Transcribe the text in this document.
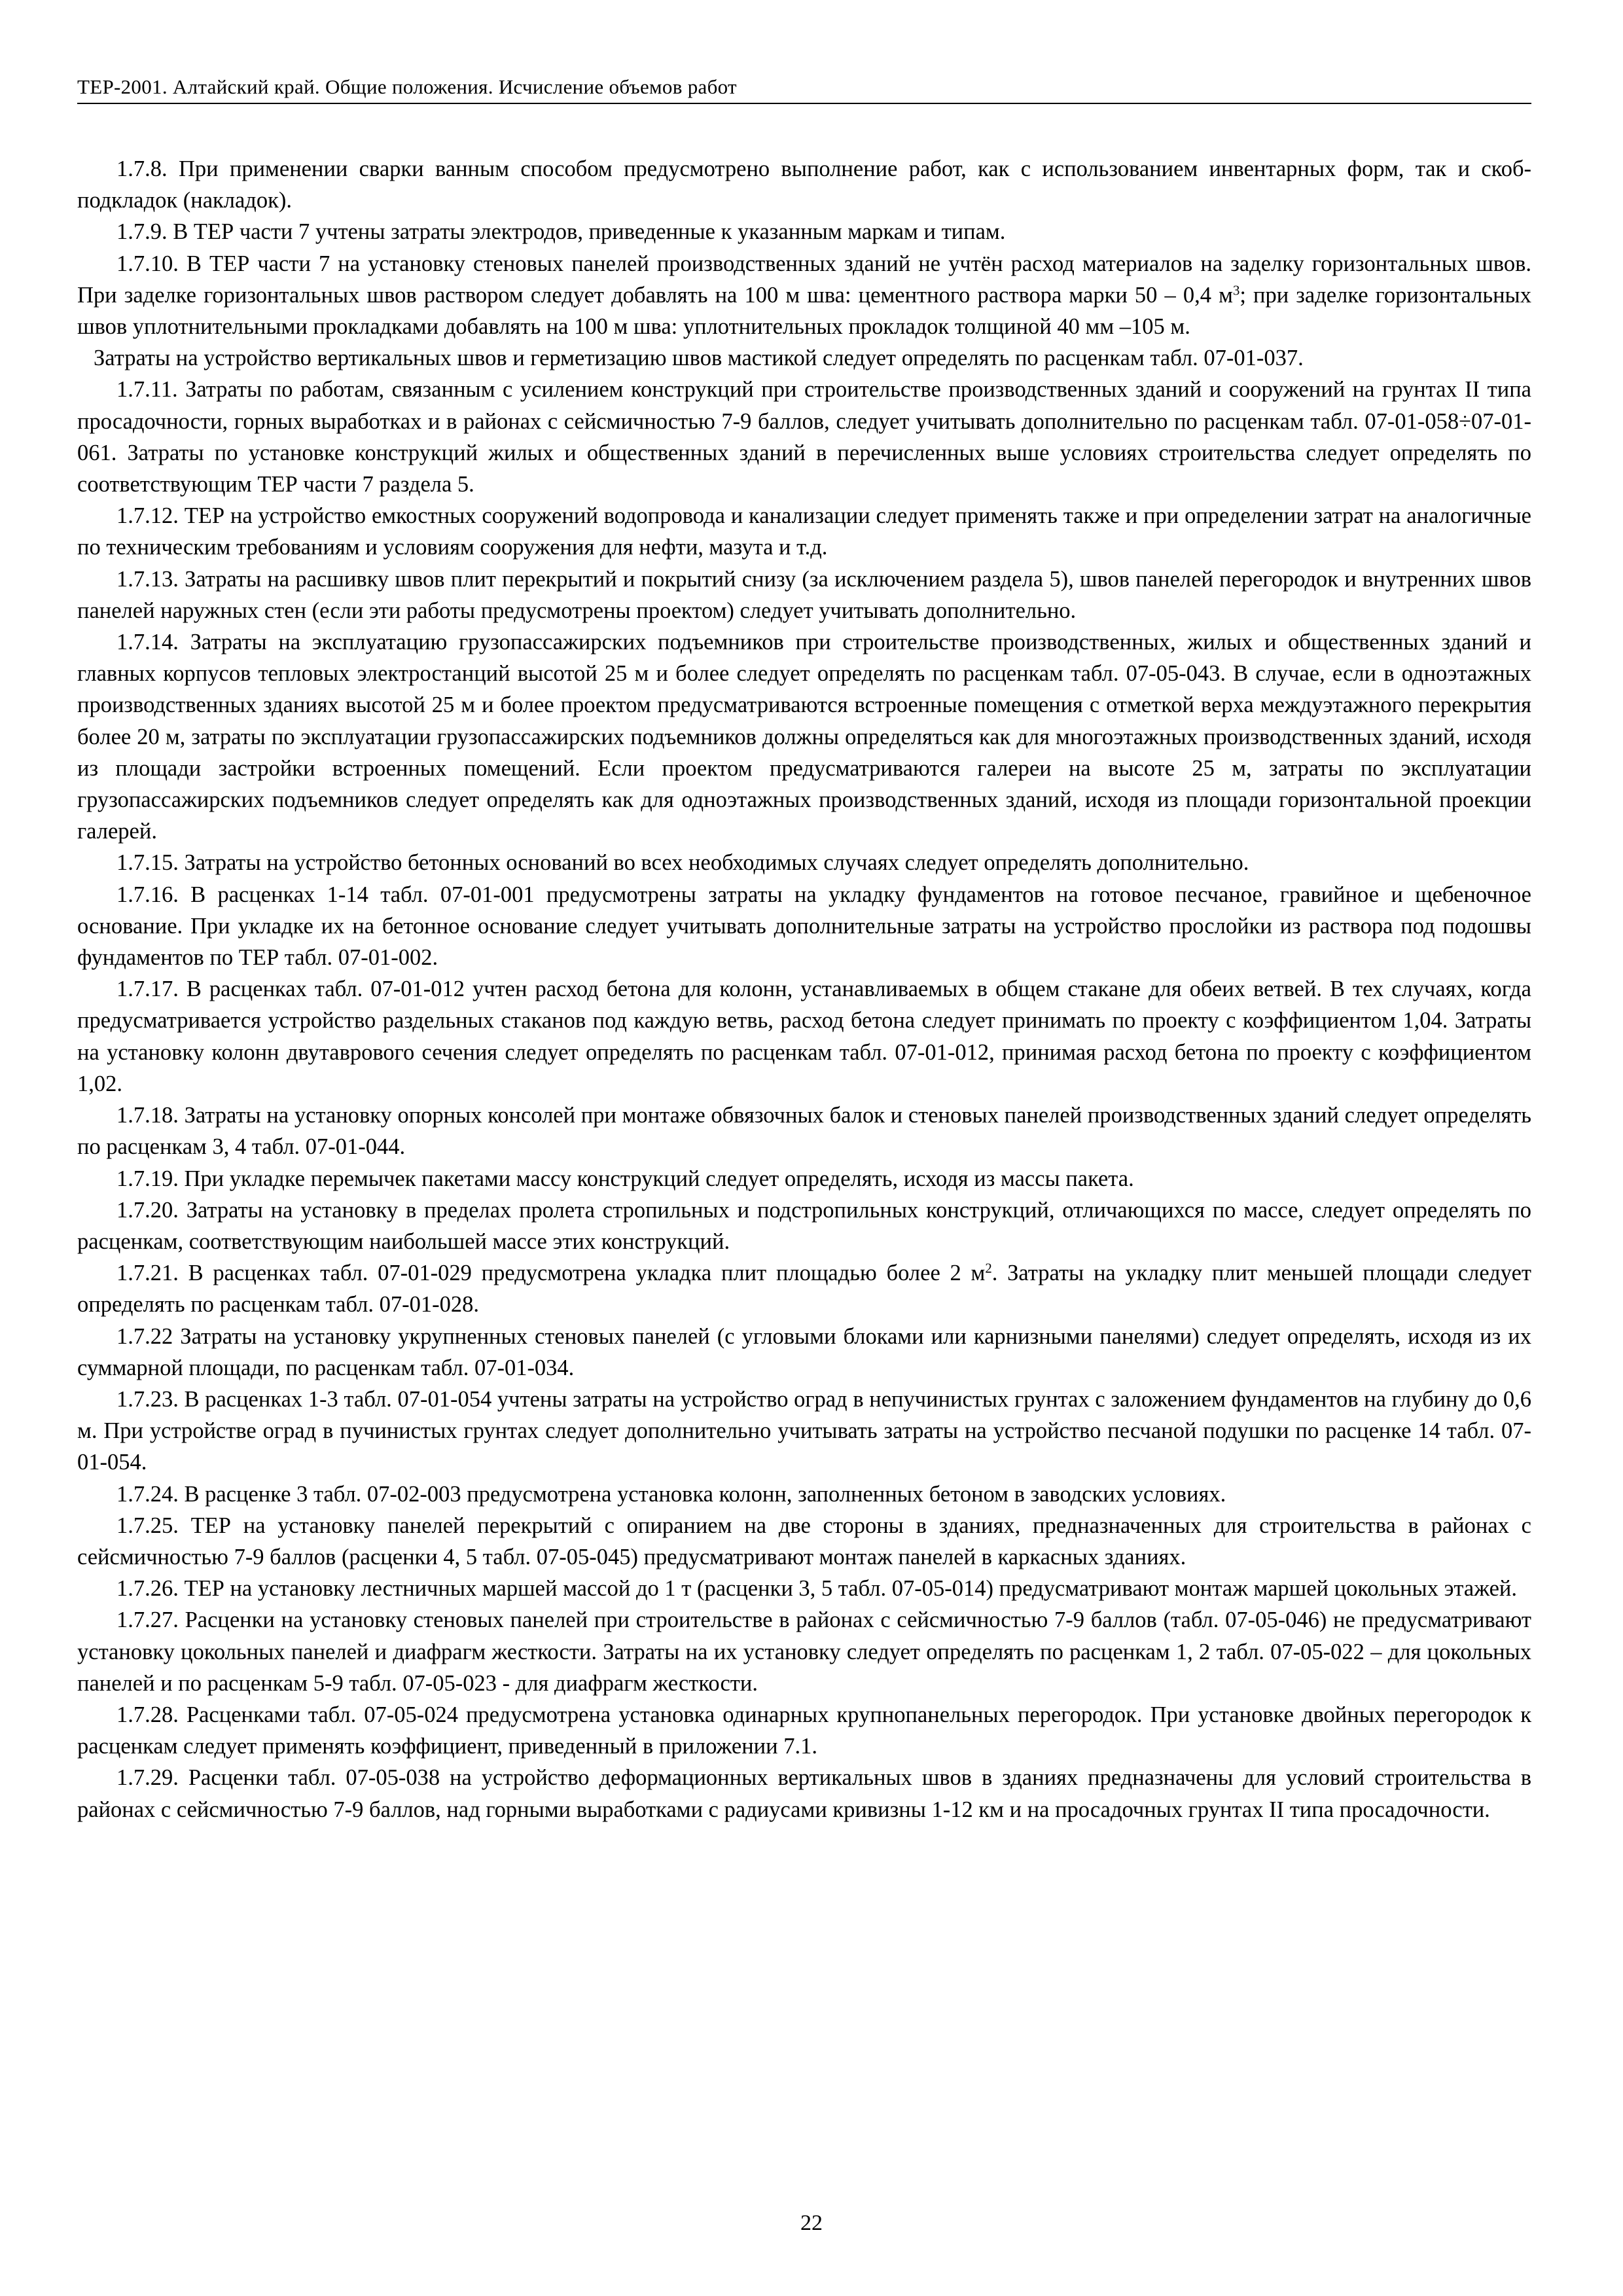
ТЕР-2001. Алтайский край. Общие положения. Исчисление объемов работ

1.7.8. При применении сварки ванным способом предусмотрено выполнение работ, как с использованием инвентарных форм, так и скоб-подкладок (накладок).

1.7.9. В ТЕР части 7 учтены затраты электродов, приведенные к указанным маркам и типам.

1.7.10. В ТЕР части 7 на установку стеновых панелей производственных зданий не учтён расход материалов на заделку горизонтальных швов. При заделке горизонтальных швов раствором следует добавлять на 100 м шва: цементного раствора марки 50 – 0,4 $м^3$; при заделке горизонтальных швов уплотнительными прокладками добавлять на 100 м шва: уплотнительных прокладок толщиной 40 мм –105 м.

Затраты на устройство вертикальных швов и герметизацию швов мастикой следует определять по расценкам табл. 07-01-037.

1.7.11. Затраты по работам, связанным с усилением конструкций при строительстве производственных зданий и сооружений на грунтах II типа просадочности, горных выработках и в районах с сейсмичностью 7-9 баллов, следует учитывать дополнительно по расценкам табл. 07-01-058÷07-01-061. Затраты по установке конструкций жилых и общественных зданий в перечисленных выше условиях строительства следует определять по соответствующим ТЕР части 7 раздела 5.

1.7.12. ТЕР на устройство емкостных сооружений водопровода и канализации следует применять также и при определении затрат на аналогичные по техническим требованиям и условиям сооружения для нефти, мазута и т.д.

1.7.13. Затраты на расшивку швов плит перекрытий и покрытий снизу (за исключением раздела 5), швов панелей перегородок и внутренних швов панелей наружных стен (если эти работы предусмотрены проектом) следует учитывать дополнительно.

1.7.14. Затраты на эксплуатацию грузопассажирских подъемников при строительстве производственных, жилых и общественных зданий и главных корпусов тепловых электростанций высотой 25 м и более следует определять по расценкам табл. 07-05-043. В случае, если в одноэтажных производственных зданиях высотой 25 м и более проектом предусматриваются встроенные помещения с отметкой верха междуэтажного перекрытия более 20 м, затраты по эксплуатации грузопассажирских подъемников должны определяться как для многоэтажных производственных зданий, исходя из площади застройки встроенных помещений. Если проектом предусматриваются галереи на высоте 25 м, затраты по эксплуатации грузопассажирских подъемников следует определять как для одноэтажных производственных зданий, исходя из площади горизонтальной проекции галерей.

1.7.15. Затраты на устройство бетонных оснований во всех необходимых случаях следует определять дополнительно.

1.7.16. В расценках 1-14 табл. 07-01-001 предусмотрены затраты на укладку фундаментов на готовое песчаное, гравийное и щебеночное основание. При укладке их на бетонное основание следует учитывать дополнительные затраты на устройство прослойки из раствора под подошвы фундаментов по ТЕР табл. 07-01-002.

1.7.17. В расценках табл. 07-01-012 учтен расход бетона для колонн, устанавливаемых в общем стакане для обеих ветвей. В тех случаях, когда предусматривается устройство раздельных стаканов под каждую ветвь, расход бетона следует принимать по проекту с коэффициентом 1,04. Затраты на установку колонн двутаврового сечения следует определять по расценкам табл. 07-01-012, принимая расход бетона по проекту с коэффициентом 1,02.

1.7.18. Затраты на установку опорных консолей при монтаже обвязочных балок и стеновых панелей производственных зданий следует определять по расценкам 3, 4 табл. 07-01-044.

1.7.19. При укладке перемычек пакетами массу конструкций следует определять, исходя из массы пакета.

1.7.20. Затраты на установку в пределах пролета стропильных и подстропильных конструкций, отличающихся по массе, следует определять по расценкам, соответствующим наибольшей массе этих конструкций.

1.7.21. В расценках табл. 07-01-029 предусмотрена укладка плит площадью более 2 $м^2$. Затраты на укладку плит меньшей площади следует определять по расценкам табл. 07-01-028.

1.7.22 Затраты на установку укрупненных стеновых панелей (с угловыми блоками или карнизными панелями) следует определять, исходя из их суммарной площади, по расценкам табл. 07-01-034.

1.7.23. В расценках 1-3 табл. 07-01-054 учтены затраты на устройство оград в непучинистых грунтах с заложением фундаментов на глубину до 0,6 м. При устройстве оград в пучинистых грунтах следует дополнительно учитывать затраты на устройство песчаной подушки по расценке 14 табл. 07-01-054.

1.7.24. В расценке 3 табл. 07-02-003 предусмотрена установка колонн, заполненных бетоном в заводских условиях.

1.7.25. ТЕР на установку панелей перекрытий с опиранием на две стороны в зданиях, предназначенных для строительства в районах с сейсмичностью 7-9 баллов (расценки 4, 5 табл. 07-05-045) предусматривают монтаж панелей в каркасных зданиях.

1.7.26. ТЕР на установку лестничных маршей массой до 1 т (расценки 3, 5 табл. 07-05-014) предусматривают монтаж маршей цокольных этажей.

1.7.27. Расценки на установку стеновых панелей при строительстве в районах с сейсмичностью 7-9 баллов (табл. 07-05-046) не предусматривают установку цокольных панелей и диафрагм жесткости. Затраты на их установку следует определять по расценкам 1, 2 табл. 07-05-022 – для цокольных панелей и по расценкам 5-9 табл. 07-05-023 - для диафрагм жесткости.

1.7.28. Расценками табл. 07-05-024 предусмотрена установка одинарных крупнопанельных перегородок. При установке двойных перегородок к расценкам следует применять коэффициент, приведенный в приложении 7.1.

1.7.29. Расценки табл. 07-05-038 на устройство деформационных вертикальных швов в зданиях предназначены для условий строительства в районах с сейсмичностью 7-9 баллов, над горными выработками с радиусами кривизны 1-12 км и на просадочных грунтах II типа просадочности.

22
